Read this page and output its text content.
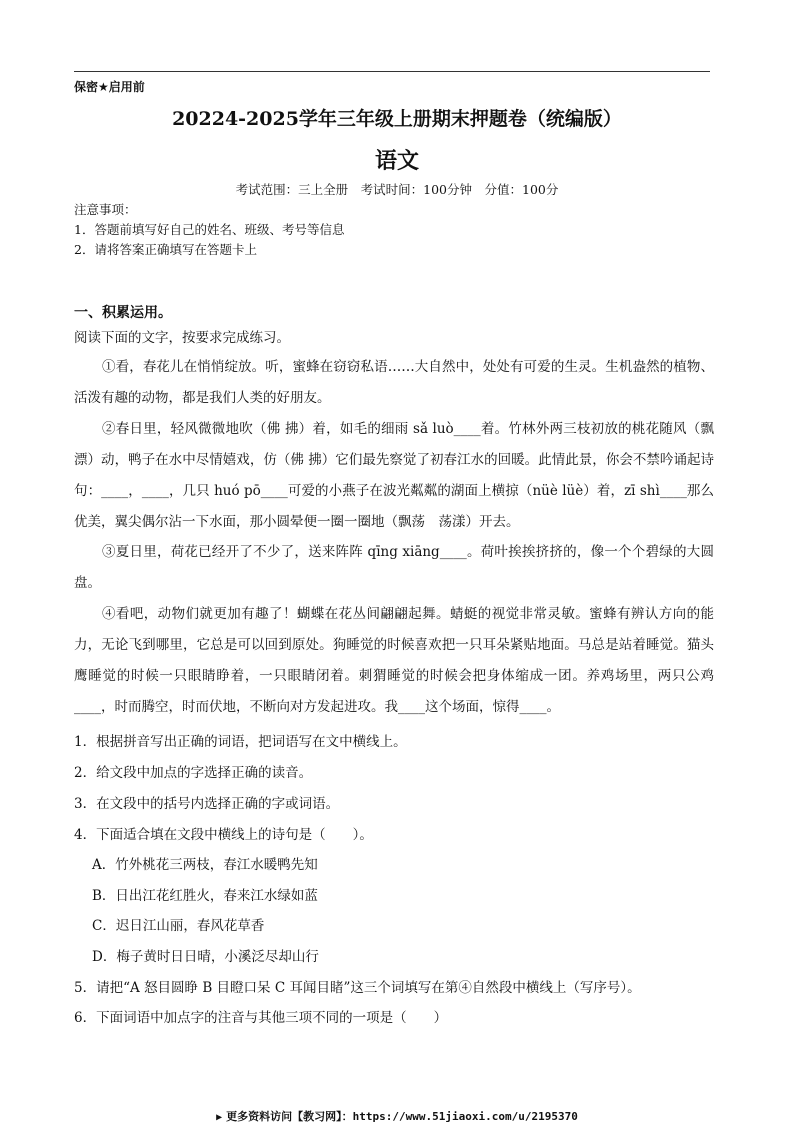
保密★启用前
20224-2025学年三年级上册期末押题卷（统编版）
语文
考试范围：三上全册　考试时间：100分钟　分值：100分
注意事项：
1．答题前填写好自己的姓名、班级、考号等信息
2．请将答案正确填写在答题卡上
一、积累运用。
阅读下面的文字，按要求完成练习。

①看，春花儿在悄悄绽放。听，蜜蜂在窃窃私语……大自然中，处处有可爱的生灵。生机盎然的植物、活泼有趣的动物，都是我们人类的好朋友。

②春日里，轻风微微地吹（佛 拂）着，如毛的细雨 sǎ luò____着。竹林外两三枝初放的桃花随风（飘 漂）动，鸭子在水中尽情嬉戏，仿（佛 拂）它们最先察觉了初春江水的回暖。此情此景，你会不禁吟诵起诗句：____，____，几只 huó pō____可爱的小燕子在波光粼粼的湖面上横掠（nüè lüè）着，zī shì____那么优美，翼尖偶尔沾一下水面，那小圆晕便一圈一圈地（飘荡　荡漾）开去。

③夏日里，荷花已经开了不少了，送来阵阵 qīng xiāng____。荷叶挨挨挤挤的，像一个个碧绿的大圆盘。

④看吧，动物们就更加有趣了！蝴蝶在花丛间翩翩起舞。蜻蜓的视觉非常灵敏。蜜蜂有辨认方向的能力，无论飞到哪里，它总是可以回到原处。狗睡觉的时候喜欢把一只耳朵紧贴地面。马总是站着睡觉。猫头鹰睡觉的时候一只眼睛睁着，一只眼睛闭着。刺猬睡觉的时候会把身体缩成一团。养鸡场里，两只公鸡____，时而腾空，时而伏地，不断向对方发起进攻。我____这个场面，惊得____。

1．根据拼音写出正确的词语，把词语写在文中横线上。
2．给文段中加点的字选择正确的读音。
3．在文段中的括号内选择正确的字或词语。
4．下面适合填在文段中横线上的诗句是（　　）。
A．竹外桃花三两枝，春江水暖鸭先知
B．日出江花红胜火，春来江水绿如蓝
C．迟日江山丽，春风花草香
D．梅子黄时日日晴，小溪泛尽却山行
5．请把“A 怒目圆睁 B 目瞪口呆 C 耳闻目睹”这三个词填写在第④自然段中横线上（写序号）。
6．下面词语中加点字的注音与其他三项不同的一项是（　　）
▶ 更多资料访问【教习网】：https://www.51jiaoxi.com/u/2195370
